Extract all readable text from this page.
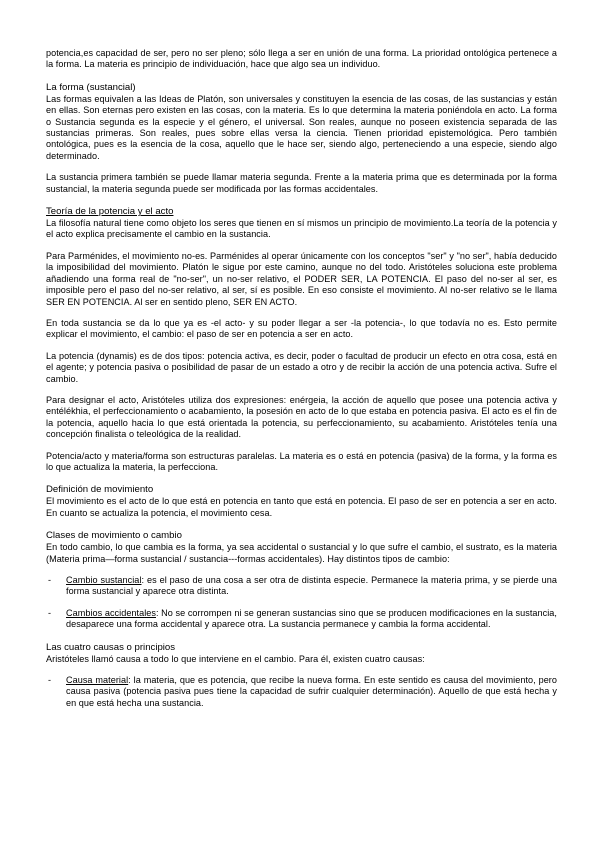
potencia,es capacidad de ser, pero no ser pleno; sólo llega a ser en unión de una forma. La prioridad ontológica pertenece a la forma. La materia es principio de individuación, hace que algo sea un individuo.

La forma (sustancial)

Las formas equivalen a las Ideas de Platón, son universales y constituyen la esencia de las cosas, de las sustancias y están en ellas. Son eternas pero existen en las cosas, con la materia. Es lo que determina la materia poniéndola en acto. La forma o Sustancia segunda es la especie y el género, el universal. Son reales, aunque no poseen existencia separada de las sustancias primeras. Son reales, pues sobre ellas versa la ciencia. Tienen prioridad epistemológica. Pero también ontológica, pues es la esencia de la cosa, aquello que le hace ser, siendo algo, perteneciendo a una especie, siendo algo determinado.

La sustancia primera también se puede llamar materia segunda. Frente a la materia prima que es determinada por la forma sustancial, la materia segunda puede ser modificada por las formas accidentales.

Teoría de la potencia y el acto

La filosofía natural tiene como objeto los seres que tienen en sí mismos un principio de movimiento.La teoría de la potencia y el acto explica precisamente el cambio en la sustancia.

Para Parménides, el movimiento no-es. Parménides al operar únicamente con los conceptos "ser" y "no ser", había deducido la imposibilidad del movimiento. Platón le sigue por este camino, aunque no del todo. Aristóteles soluciona este problema añadiendo una forma real de "no-ser", un no-ser relativo, el PODER SER, LA POTENCIA. El paso del no-ser al ser, es imposible pero el paso del no-ser relativo, al ser, sí es posible. En eso consiste el movimiento. Al no-ser relativo se le llama SER EN POTENCIA. Al ser en sentido pleno, SER EN ACTO.

En toda sustancia se da lo que ya es -el acto- y su poder llegar a ser -la potencia-, lo que todavía no es. Esto permite explicar el movimiento, el cambio: el paso de ser en potencia a ser en acto.

La potencia (dynamis) es de dos tipos: potencia activa, es decir, poder o facultad de producir un efecto en otra cosa, está en el agente; y potencia pasiva o posibilidad de pasar de un estado a otro y de recibir la acción de una potencia activa. Sufre el cambio.

Para designar el acto, Aristóteles utiliza dos expresiones: enérgeia, la acción de aquello que posee una potencia activa y entélékhia, el perfeccionamiento o acabamiento, la posesión en acto de lo que estaba en potencia pasiva. El acto es el fin de la potencia, aquello hacia lo que está orientada la potencia, su perfeccionamiento, su acabamiento. Aristóteles tenía una concepción finalista o teleológica de la realidad.

Potencia/acto y materia/forma son estructuras paralelas. La materia es o está en potencia (pasiva) de la forma, y la forma es lo que actualiza la materia, la perfecciona.

Definición de movimiento

El movimiento es el acto de lo que está en potencia en tanto que está en potencia. El paso de ser en potencia a ser en acto. En cuanto se actualiza la potencia, el movimiento cesa.

Clases de movimiento o cambio

En todo cambio, lo que cambia es la forma, ya sea accidental o sustancial y lo que sufre el cambio, el sustrato, es la materia (Materia prima—forma sustancial / sustancia---formas accidentales). Hay distintos tipos de cambio:

- Cambio sustancial: es el paso de una cosa a ser otra de distinta especie. Permanece la materia prima, y se pierde una forma sustancial y aparece otra distinta.

- Cambios accidentales: No se corrompen ni se generan sustancias sino que se producen modificaciones en la sustancia, desaparece una forma accidental y aparece otra. La sustancia permanece y cambia la forma accidental.

Las cuatro causas o principios

Aristóteles llamó causa a todo lo que interviene en el cambio. Para él, existen cuatro causas:

- Causa material: la materia, que es potencia, que recibe la nueva forma. En este sentido es causa del movimiento, pero causa pasiva (potencia pasiva pues tiene la capacidad de sufrir cualquier determinación). Aquello de que está hecha y en que está hecha una sustancia.
